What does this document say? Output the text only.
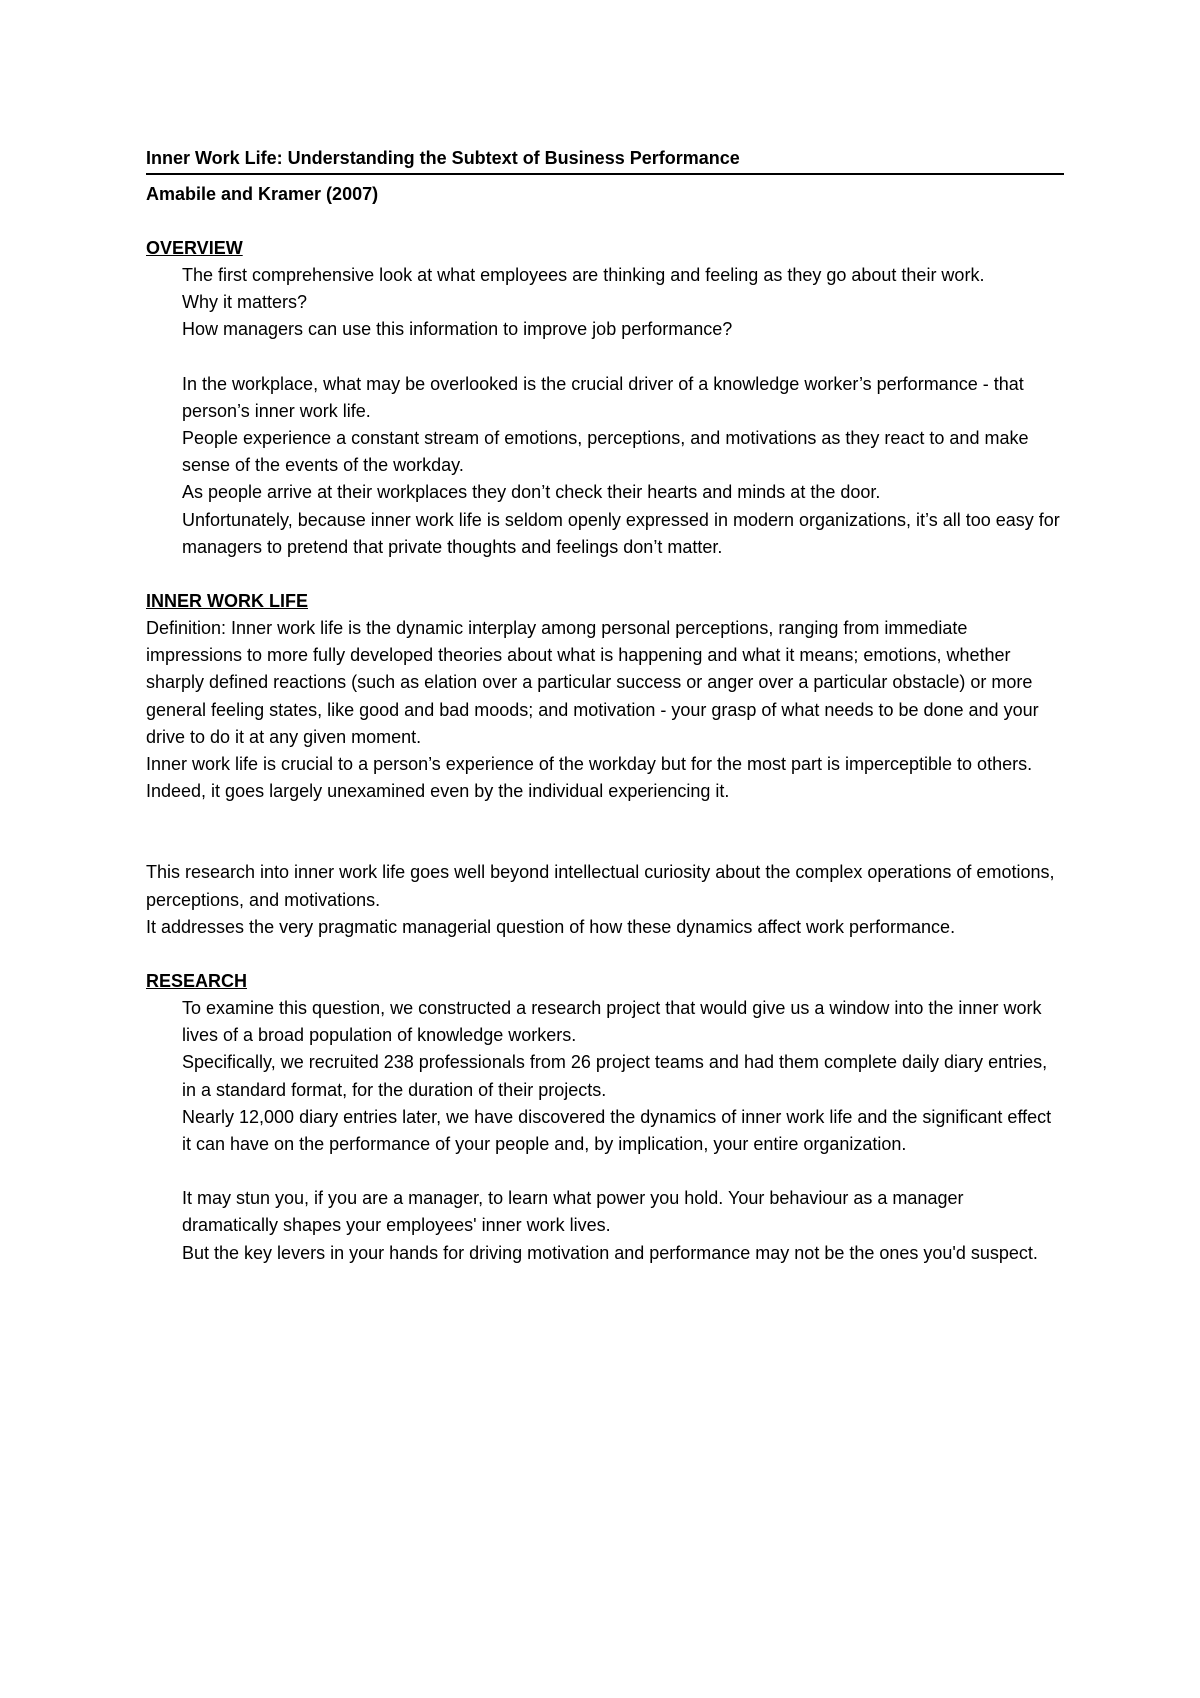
Inner Work Life: Understanding the Subtext of Business Performance
Amabile and Kramer (2007)
OVERVIEW

The first comprehensive look at what employees are thinking and feeling as they go about their work.

Why it matters?

How managers can use this information to improve job performance?

In the workplace, what may be overlooked is the crucial driver of a knowledge worker’s performance - that person’s inner work life.

People experience a constant stream of emotions, perceptions, and motivations as they react to and make sense of the events of the workday.

As people arrive at their workplaces they don’t check their hearts and minds at the door.

Unfortunately, because inner work life is seldom openly expressed in modern organizations, it’s all too easy for managers to pretend that private thoughts and feelings don’t matter.

INNER WORK LIFE

Definition: Inner work life is the dynamic interplay among personal perceptions, ranging from immediate impressions to more fully developed theories about what is happening and what it means; emotions, whether sharply defined reactions (such as elation over a particular success or anger over a particular obstacle) or more general feeling states, like good and bad moods; and motivation - your grasp of what needs to be done and your drive to do it at any given moment.

Inner work life is crucial to a person’s experience of the workday but for the most part is imperceptible to others. Indeed, it goes largely unexamined even by the individual experiencing it.

This research into inner work life goes well beyond intellectual curiosity about the complex operations of emotions, perceptions, and motivations.

It addresses the very pragmatic managerial question of how these dynamics affect work performance.

RESEARCH

To examine this question, we constructed a research project that would give us a window into the inner work lives of a broad population of knowledge workers.

Specifically, we recruited 238 professionals from 26 project teams and had them complete daily diary entries, in a standard format, for the duration of their projects.

Nearly 12,000 diary entries later, we have discovered the dynamics of inner work life and the significant effect it can have on the performance of your people and, by implication, your entire organization.

It may stun you, if you are a manager, to learn what power you hold. Your behaviour as a manager dramatically shapes your employees' inner work lives.

But the key levers in your hands for driving motivation and performance may not be the ones you'd suspect.
